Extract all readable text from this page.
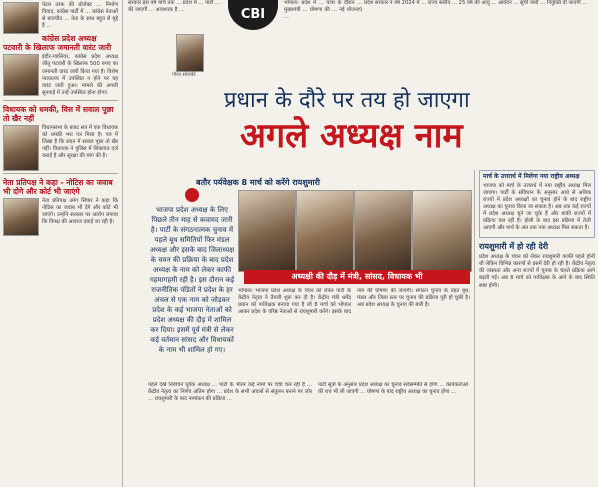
पेटल तरफ की प्रोजेक्ट ... निर्माण विवाद, कांग्रेस पार्टी में ... कांग्रेस नेताओं से बातचीत ... नेता के साथ बहुत से मुद्दे हैं ...

कांग्रेस प्रदेश अध्यक्ष पटवारी के खिलाफ जमानती वारंट जारी

इंदौर-ग्वालियर, कांग्रेस प्रदेश अध्यक्ष जीतू पटवारी के खिलाफ 500 रुपए का जमानती वारंट जारी किया गया है। विशेष न्यायालय में उपस्थित न होने पर यह वारंट जारी हुआ। मामले की अगली सुनवाई में उन्हें उपस्थित होना होगा।

विधायक को धमकी, विस में सवाल पूछा तो खैर नहीं

विधानसभा के बजट सत्र में एक विधायक को धमकी भरा पत्र मिला है। पत्र में लिखा है कि सदन में सवाल पूछा तो खैर नहीं। विधायक ने पुलिस में शिकायत दर्ज कराई है और सुरक्षा की मांग की है।

नेता प्रतिपक्ष ने कहा - नोटिस का जवाब भी दोगे और कोर्ट भी जाएंगे

नेता प्रतिपक्ष उमंग सिंघार ने कहा कि नोटिस का जवाब भी देंगे और कोर्ट भी जाएंगे। उन्होंने सरकार पर आरोप लगाया कि विपक्ष की आवाज दबाई जा रही है।

सरकार इस वर्ष मार्च तक ... प्रदेश में ... पार्टी ... की जाएगी ... आवश्यक है ...	CBI

भोपाल। प्रदेश में ... यात्रा के दौरान ... मुख्यमंत्री ... घोषणा की ... नई योजनाएं ...

गौरव सोलंकी

प्रदेश सरकार ने वर्ष 2024 में ... राज्य स्तरीय ... 25 वर्ष की आयु ... आवेदन ... सूची जारी ... नियुक्ति दी जाएगी ...

प्रधान के दौरे पर तय हो जाएगा
अगले अध्यक्ष नाम
बतौर पर्यवेक्षक 8 मार्च को करेंगे रायशुमारी

भाजपा प्रदेश अध्यक्ष के लिए पिछले तीन माह से कवायद जारी है। पार्टी के संगठनात्मक चुनाव में पहले बूथ समितियों फिर मंडल अध्यक्ष और इसके बाद जिलाध्यक्ष के चयन की प्रक्रिया के बाद प्रदेश अध्यक्ष के नाम को लेकर काफी गहमागहमी रही है। इस दौरान कई राजनीतिक पंडितों ने प्रदेश के हर अंचल से एक नाम को जोड़कर प्रदेश के कई भाजपा नेताओं को प्रदेश अध्यक्ष की दौड़ में शामिल कर दिया। इसमें पूर्व मंत्री से लेकर कई वर्तमान सांसद और विधायकों के नाम भी शामिल हो गए।

अध्यक्षी की दौड़ में मंत्री, सांसद, विधायक भी

भोपाल। भाजपा प्रदेश अध्यक्ष के चयन को लेकर पार्टी के केंद्रीय नेतृत्व ने तैयारी शुरू कर दी है। केंद्रीय मंत्री धर्मेंद्र प्रधान को पर्यवेक्षक बनाया गया है जो 8 मार्च को भोपाल आकर प्रदेश के वरिष्ठ नेताओं से रायशुमारी करेंगे। इसके बाद नाम की घोषणा की जाएगी। संगठन चुनाव के तहत बूथ, मंडल और जिला स्तर पर चुनाव की प्रक्रिया पूरी हो चुकी है। अब प्रदेश अध्यक्ष के चुनाव की बारी है।

पहले देखें निर्वाचन पूर्वक अध्यक्ष ... पार्टी के भीतर कई नामों पर चर्चा चल रही है ... केंद्रीय नेतृत्व का निर्णय अंतिम होगा ... प्रदेश के सभी अंचलों से संतुलन बनाने पर जोर ... रायशुमारी के बाद नामांकन की प्रक्रिया ...

पार्टी सूत्रों के अनुसार प्रदेश अध्यक्ष का चुनाव सर्वसम्मति से होगा ... कार्यकर्ताओं की राय भी ली जाएगी ... घोषणा के बाद राष्ट्रीय अध्यक्ष का चुनाव होगा ...

मार्च के उत्तरार्ध में मिलेगा नया राष्ट्रीय अध्यक्ष

भाजपा को मार्च के उत्तरार्ध में नया राष्ट्रीय अध्यक्ष मिल जाएगा। पार्टी के संविधान के अनुसार आधे से अधिक राज्यों में प्रदेश अध्यक्षों का चुनाव होने के बाद राष्ट्रीय अध्यक्ष का चुनाव किया जा सकता है। अब तक कई राज्यों में प्रदेश अध्यक्ष चुने जा चुके हैं और बाकी राज्यों में प्रक्रिया चल रही है। होली के बाद इस प्रक्रिया में तेजी आएगी और मार्च के अंत तक नया अध्यक्ष मिल सकता है।

रायशुमारी में हो रही देरी

प्रदेश अध्यक्ष के चयन को लेकर रायशुमारी काफी पहले होनी थी लेकिन विभिन्न कारणों से इसमें देरी हो रही है। केंद्रीय नेतृत्व की व्यस्तता और अन्य राज्यों में चुनाव के चलते प्रक्रिया आगे बढ़ती गई। अब 8 मार्च को पर्यवेक्षक के आने के बाद स्थिति स्पष्ट होगी।
